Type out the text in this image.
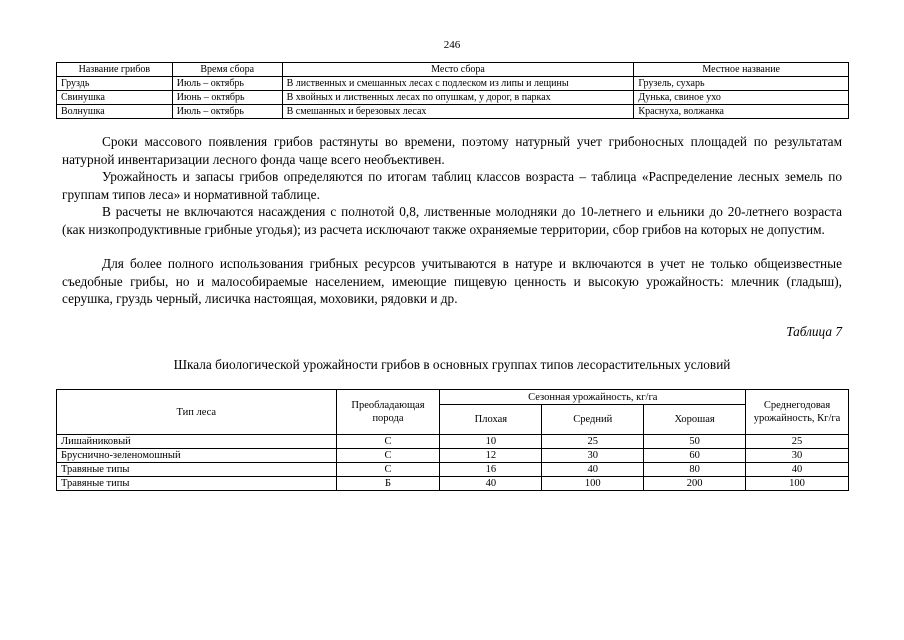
246
Название грибов	Время сбора	Место сбора	Местное название
Груздь	Июль – октябрь	В лиственных и смешанных лесах с подлеском из липы и лещины	Грузель, сухарь
Свинушка	Июнь – октябрь	В хвойных и лиственных лесах по опушкам, у дорог, в парках	Дунька, свиное ухо
Волнушка	Июль – октябрь	В смешанных и березовых лесах	Краснуха, волжанка

Сроки массового появления грибов растянуты во времени, поэтому натурный учет грибоносных площадей по результатам натурной инвентаризации лесного фонда чаще всего необъективен.

Урожайность и запасы грибов определяются по итогам таблиц классов возраста – таблица «Распределение лесных земель по группам типов леса» и нормативной таблице.

В расчеты не включаются насаждения с полнотой 0,8, лиственные молодняки до 10-летнего и ельники до 20-летнего возраста (как низкопродуктивные грибные угодья); из расчета исключают также охраняемые территории, сбор грибов на которых не допустим.

Для более полного использования грибных ресурсов учитываются в натуре и включаются в учет не только общеизвестные съедобные грибы, но и малособираемые населением, имеющие пищевую ценность и высокую урожайность: млечник (гладыш), серушка, груздь черный, лисичка настоящая, моховики, рядовки и др.

Таблица 7
Шкала биологической урожайности грибов в основных группах типов лесорастительных условий
Тип леса	Преобладающая порода	Сезонная урожайность, кг/га			Среднегодовая урожайность, Кг/га
		Плохая	Средний	Хорошая	
Лишайниковый	С	10	25	50	25
Бруснично-зеленомошный	С	12	30	60	30
Травяные типы	С	16	40	80	40
Травяные типы	Б	40	100	200	100
